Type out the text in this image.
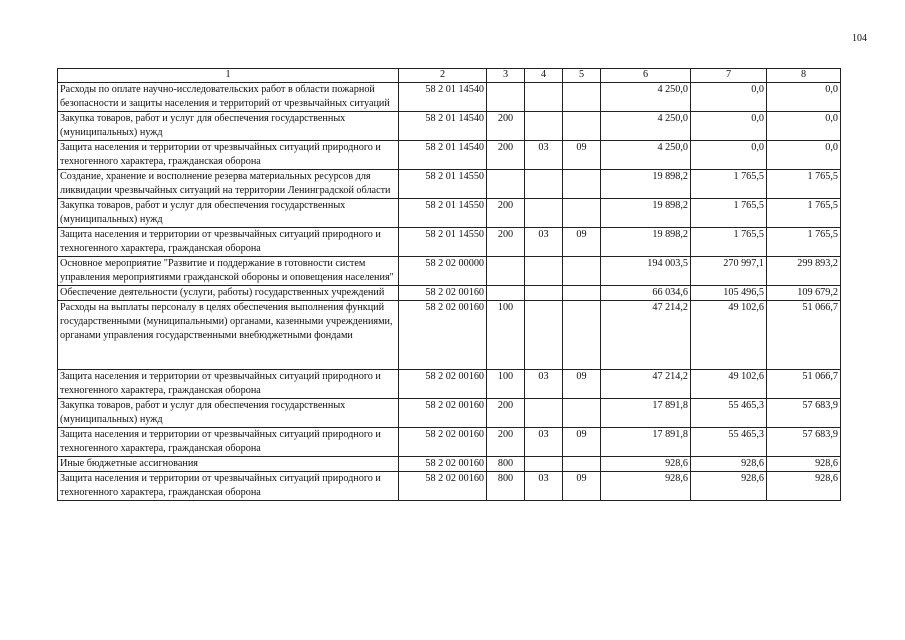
104
1	2	3	4	5	6	7	8
Расходы по оплате научно-исследовательских работ в области пожарной безопасности и защиты населения и территорий от чрезвычайных ситуаций	58 2 01 14540				4 250,0	0,0	0,0
Закупка товаров, работ и услуг для обеспечения государственных (муниципальных) нужд	58 2 01 14540	200			4 250,0	0,0	0,0
Защита населения и территории от чрезвычайных ситуаций природного и техногенного характера, гражданская оборона	58 2 01 14540	200	03	09	4 250,0	0,0	0,0
Создание, хранение и восполнение резерва материальных ресурсов для ликвидации чрезвычайных ситуаций на территории Ленинградской области	58 2 01 14550				19 898,2	1 765,5	1 765,5
Закупка товаров, работ и услуг для обеспечения государственных (муниципальных) нужд	58 2 01 14550	200			19 898,2	1 765,5	1 765,5
Защита населения и территории от чрезвычайных ситуаций природного и техногенного характера, гражданская оборона	58 2 01 14550	200	03	09	19 898,2	1 765,5	1 765,5
Основное мероприятие "Развитие и поддержание в готовности систем управления мероприятиями гражданской обороны и оповещения населения"	58 2 02 00000				194 003,5	270 997,1	299 893,2
Обеспечение деятельности (услуги, работы) государственных учреждений	58 2 02 00160				66 034,6	105 496,5	109 679,2
Расходы на выплаты персоналу в целях обеспечения выполнения функций государственными (муниципальными) органами, казенными учреждениями, органами управления государственными внебюджетными фондами	58 2 02 00160	100			47 214,2	49 102,6	51 066,7
Защита населения и территории от чрезвычайных ситуаций природного и техногенного характера, гражданская оборона	58 2 02 00160	100	03	09	47 214,2	49 102,6	51 066,7
Закупка товаров, работ и услуг для обеспечения государственных (муниципальных) нужд	58 2 02 00160	200			17 891,8	55 465,3	57 683,9
Защита населения и территории от чрезвычайных ситуаций природного и техногенного характера, гражданская оборона	58 2 02 00160	200	03	09	17 891,8	55 465,3	57 683,9
Иные бюджетные ассигнования	58 2 02 00160	800			928,6	928,6	928,6
Защита населения и территории от чрезвычайных ситуаций природного и техногенного характера, гражданская оборона	58 2 02 00160	800	03	09	928,6	928,6	928,6
